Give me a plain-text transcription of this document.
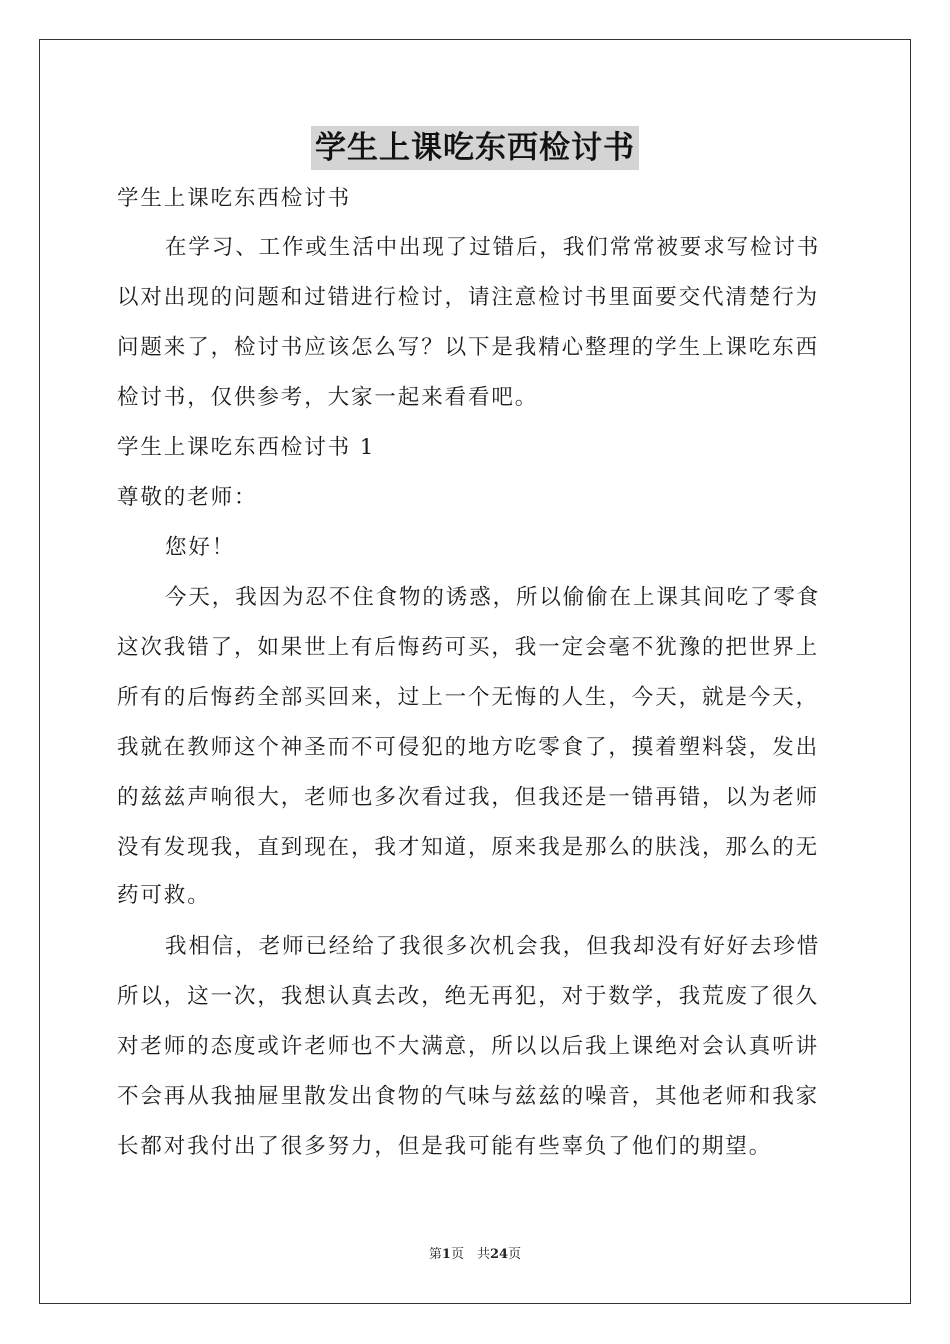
学生上课吃东西检讨书
学生上课吃东西检讨书
在学习、工作或生活中出现了过错后，我们常常被要求写检讨书
以对出现的问题和过错进行检讨，请注意检讨书里面要交代清楚行为
问题来了，检讨书应该怎么写？以下是我精心整理的学生上课吃东西
检讨书，仅供参考，大家一起来看看吧。
学生上课吃东西检讨书 1
尊敬的老师：
您好！
今天，我因为忍不住食物的诱惑，所以偷偷在上课其间吃了零食
这次我错了，如果世上有后悔药可买，我一定会毫不犹豫的把世界上
所有的后悔药全部买回来，过上一个无悔的人生，今天，就是今天，
我就在教师这个神圣而不可侵犯的地方吃零食了，摸着塑料袋，发出
的兹兹声响很大，老师也多次看过我，但我还是一错再错，以为老师
没有发现我，直到现在，我才知道，原来我是那么的肤浅，那么的无
药可救。
我相信，老师已经给了我很多次机会我，但我却没有好好去珍惜
所以，这一次，我想认真去改，绝无再犯，对于数学，我荒废了很久
对老师的态度或许老师也不大满意，所以以后我上课绝对会认真听讲
不会再从我抽屉里散发出食物的气味与兹兹的噪音，其他老师和我家
长都对我付出了很多努力，但是我可能有些辜负了他们的期望。
第1页　共24页
